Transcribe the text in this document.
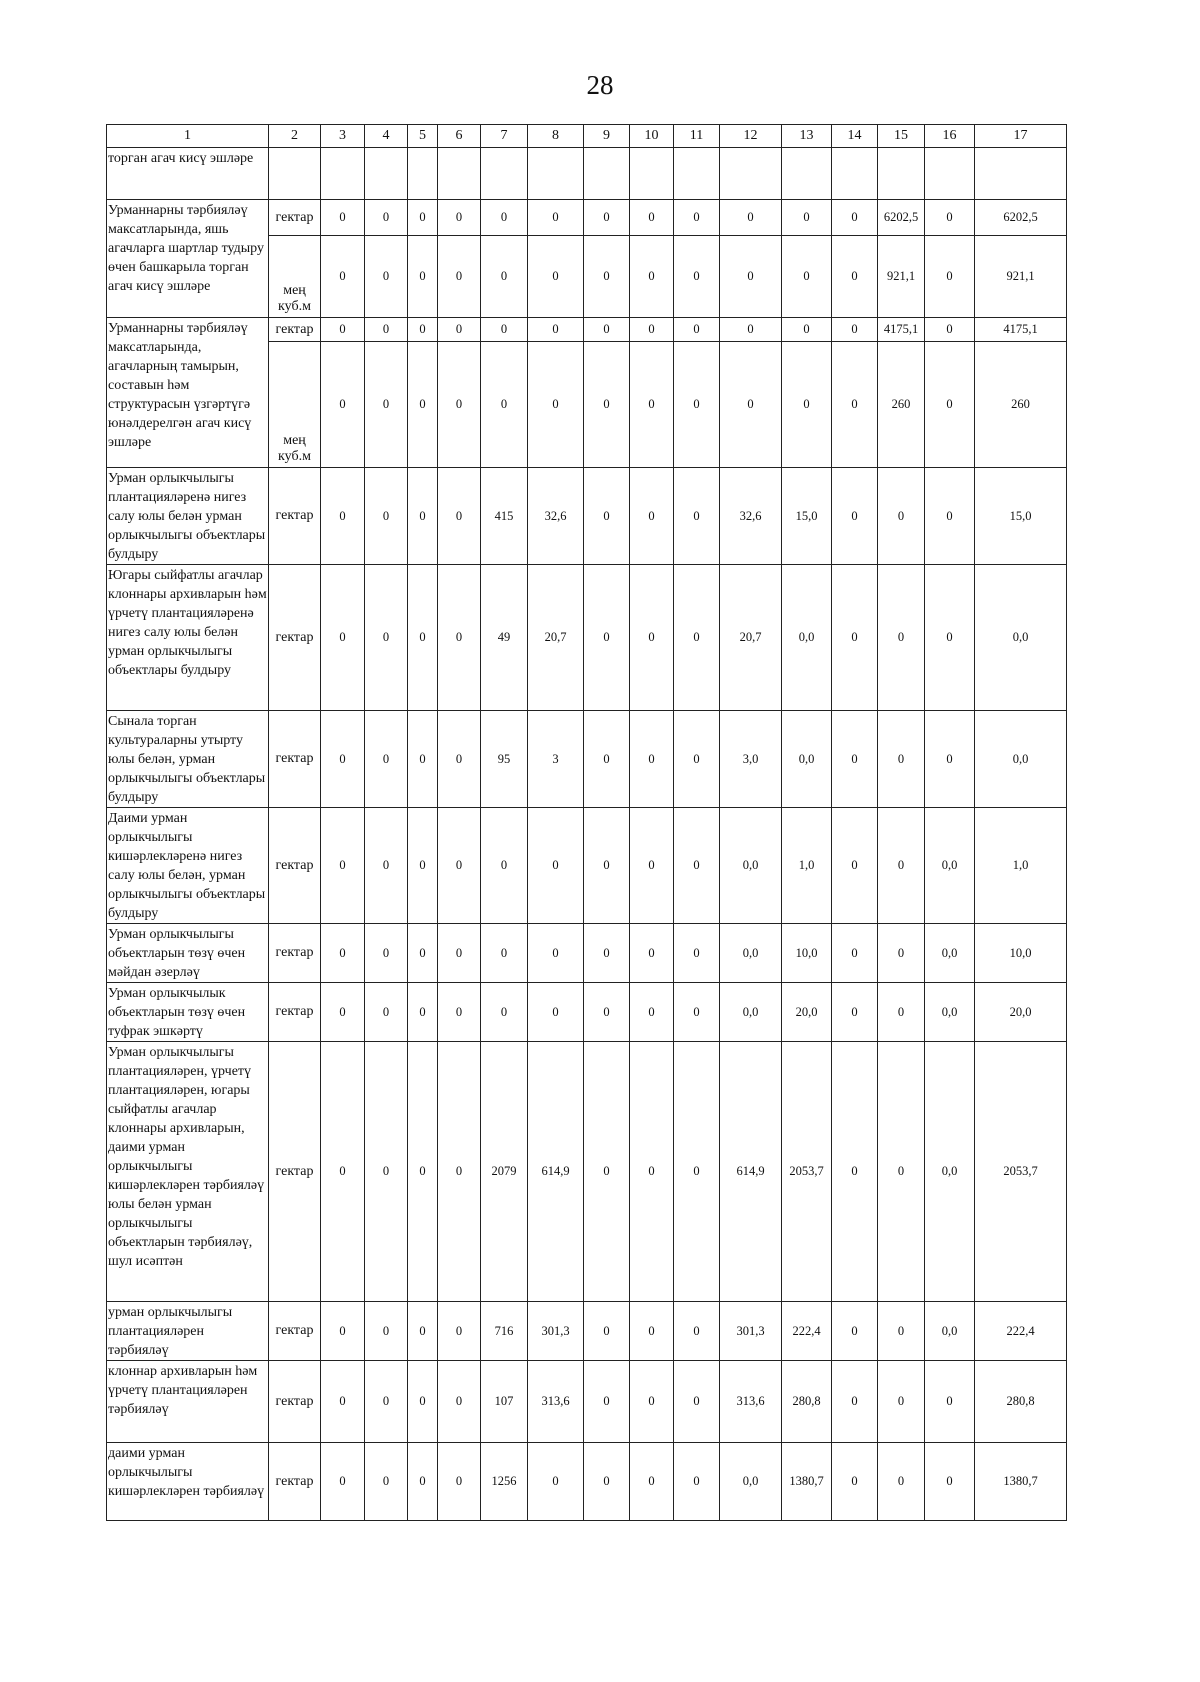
28
1	2	3	4	5	6	7	8	9	10	11	12	13	14	15	16	17
торган агач кисү эшләре																
Урманнарны тәрбияләү максатларында, яшь агачларга шартлар тудыру өчен башкарыла торган агач кисү эшләре	гектар	0	0	0	0	0	0	0	0	0	0	0	0	6202,5	0	6202,5
	мең куб.м	0	0	0	0	0	0	0	0	0	0	0	0	921,1	0	921,1
Урманнарны тәрбияләү максатларында, агачларның тамырын, составын һәм структурасын үзгәртүгә юнәлдерелгән агач кисү эшләре	гектар	0	0	0	0	0	0	0	0	0	0	0	0	4175,1	0	4175,1
	мең куб.м	0	0	0	0	0	0	0	0	0	0	0	0	260	0	260
Урман орлыкчылыгы плантацияләренә нигез салу юлы белән урман орлыкчылыгы объектлары булдыру	гектар	0	0	0	0	415	32,6	0	0	0	32,6	15,0	0	0	0	15,0
Югары сыйфатлы агачлар клоннары архивларын һәм үрчетү плантацияләренә нигез салу юлы белән урман орлыкчылыгы объектлары булдыру	гектар	0	0	0	0	49	20,7	0	0	0	20,7	0,0	0	0	0	0,0
Сынала торган культураларны утырту юлы белән, урман орлыкчылыгы объектлары булдыру	гектар	0	0	0	0	95	3	0	0	0	3,0	0,0	0	0	0	0,0
Даими урман орлыкчылыгы кишәрлекләренә нигез салу юлы белән, урман орлыкчылыгы объектлары булдыру	гектар	0	0	0	0	0	0	0	0	0	0,0	1,0	0	0	0,0	1,0
Урман орлыкчылыгы объектларын төзү өчен мәйдан әзерләү	гектар	0	0	0	0	0	0	0	0	0	0,0	10,0	0	0	0,0	10,0
Урман орлыкчылык объектларын төзү өчен туфрак эшкәртү	гектар	0	0	0	0	0	0	0	0	0	0,0	20,0	0	0	0,0	20,0
Урман орлыкчылыгы плантацияләрен, үрчетү плантацияләрен, югары сыйфатлы агачлар клоннары архивларын, даими урман орлыкчылыгы кишәрлекләрен тәрбияләү юлы белән урман орлыкчылыгы объектларын тәрбияләү, шул исәптән	гектар	0	0	0	0	2079	614,9	0	0	0	614,9	2053,7	0	0	0,0	2053,7
урман орлыкчылыгы плантацияләрен тәрбияләү	гектар	0	0	0	0	716	301,3	0	0	0	301,3	222,4	0	0	0,0	222,4
клоннар архивларын һәм үрчетү плантацияләрен тәрбияләү	гектар	0	0	0	0	107	313,6	0	0	0	313,6	280,8	0	0	0	280,8
даими урман орлыкчылыгы кишәрлекләрен тәрбияләү	гектар	0	0	0	0	1256	0	0	0	0	0,0	1380,7	0	0	0	1380,7
